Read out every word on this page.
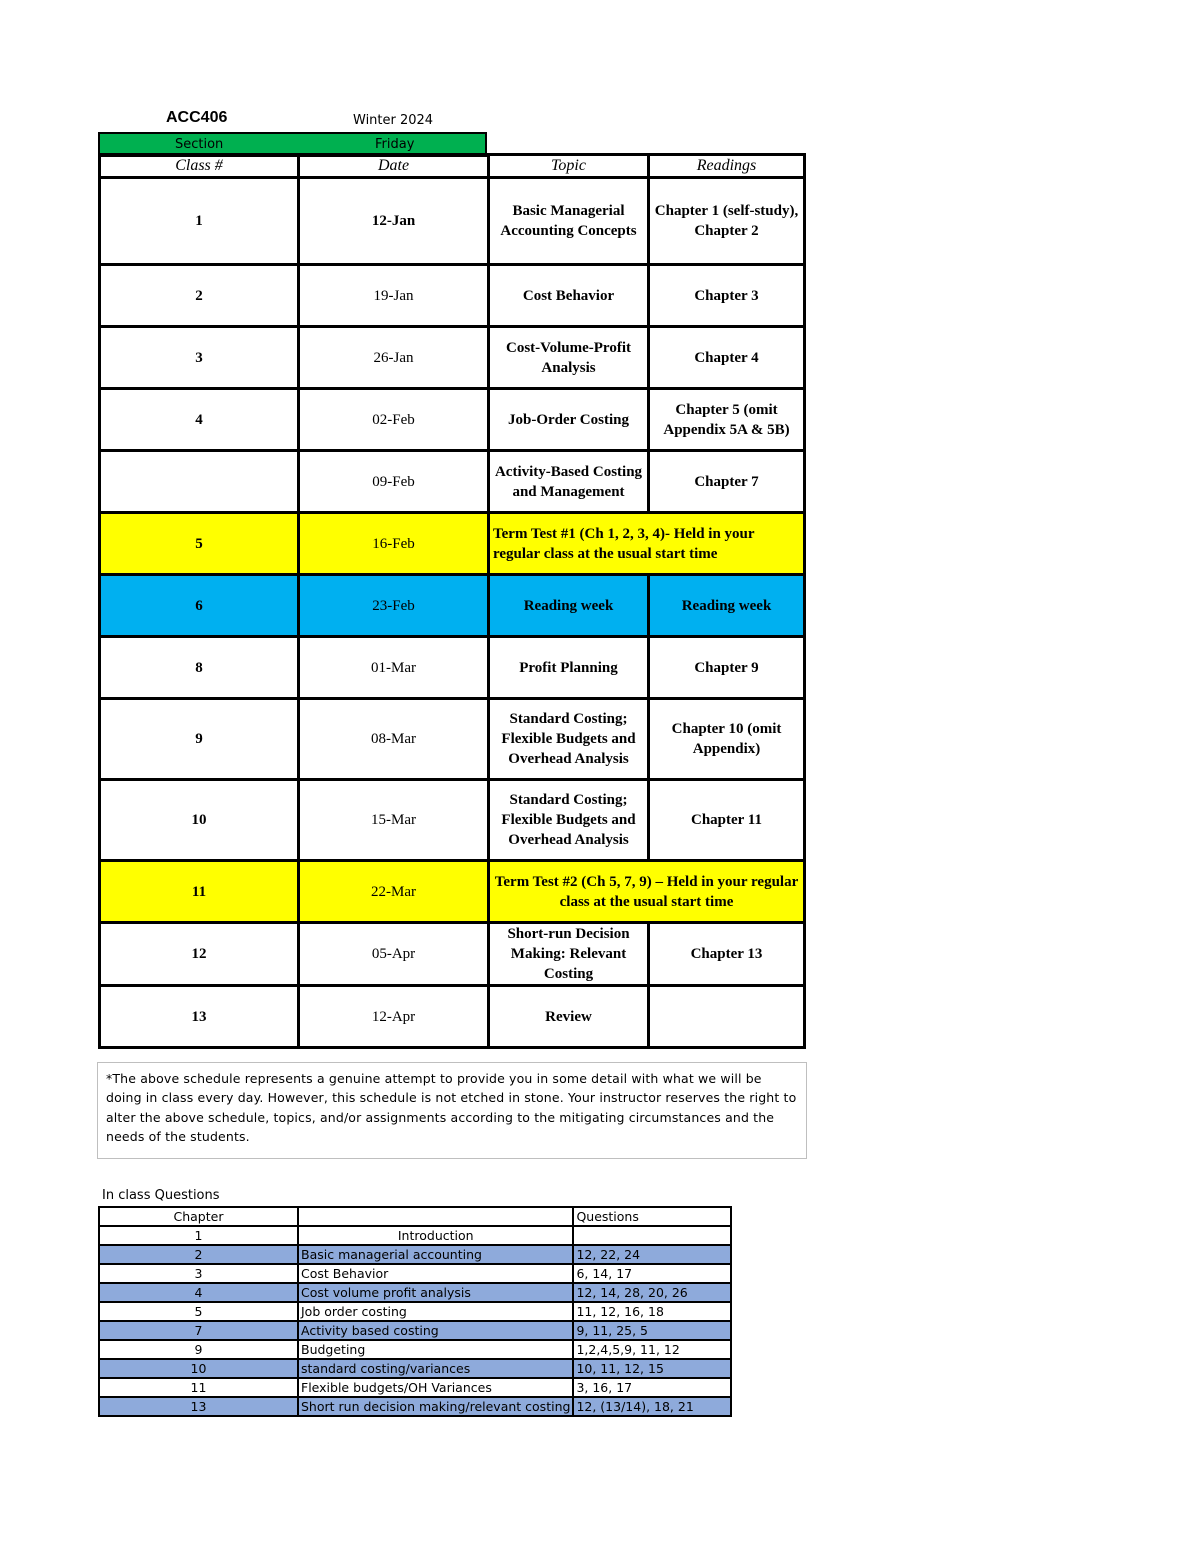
ACC406	Winter 2024
Section	Friday
Class #	Date	Topic	Readings
1	12-Jan	Basic Managerial Accounting Concepts	Chapter 1 (self-study), Chapter 2
2	19-Jan	Cost Behavior	Chapter 3
3	26-Jan	Cost-Volume-Profit Analysis	Chapter 4
4	02-Feb	Job-Order Costing	Chapter 5 (omit Appendix 5A & 5B)
	09-Feb	Activity-Based Costing and Management	Chapter 7
5	16-Feb	Term Test #1 (Ch 1, 2, 3, 4)- Held in your regular class at the usual start time	
6	23-Feb	Reading week	Reading week
8	01-Mar	Profit Planning	Chapter 9
9	08-Mar	Standard Costing; Flexible Budgets and Overhead Analysis	Chapter 10 (omit Appendix)
10	15-Mar	Standard Costing; Flexible Budgets and Overhead Analysis	Chapter 11
11	22-Mar	Term Test #2 (Ch 5, 7, 9) – Held in your regular class at the usual start time	
12	05-Apr	Short-run Decision Making: Relevant Costing	Chapter 13
13	12-Apr	Review	
*The above schedule represents a genuine attempt to provide you in some detail with what we will be doing in class every day. However, this schedule is not etched in stone. Your instructor reserves the right to alter the above schedule, topics, and/or assignments according to the mitigating circumstances and the needs of the students.
In class Questions
Chapter		Questions
1	Introduction	
2	Basic managerial accounting	12, 22, 24
3	Cost Behavior	6, 14, 17
4	Cost volume profit analysis	12, 14, 28, 20, 26
5	Job order costing	11, 12, 16, 18
7	Activity based costing	9, 11, 25, 5
9	Budgeting	1,2,4,5,9, 11, 12
10	standard costing/variances	10, 11, 12, 15
11	Flexible budgets/OH Variances	3, 16, 17
13	Short run decision making/relevant costing	12, (13/14), 18, 21
